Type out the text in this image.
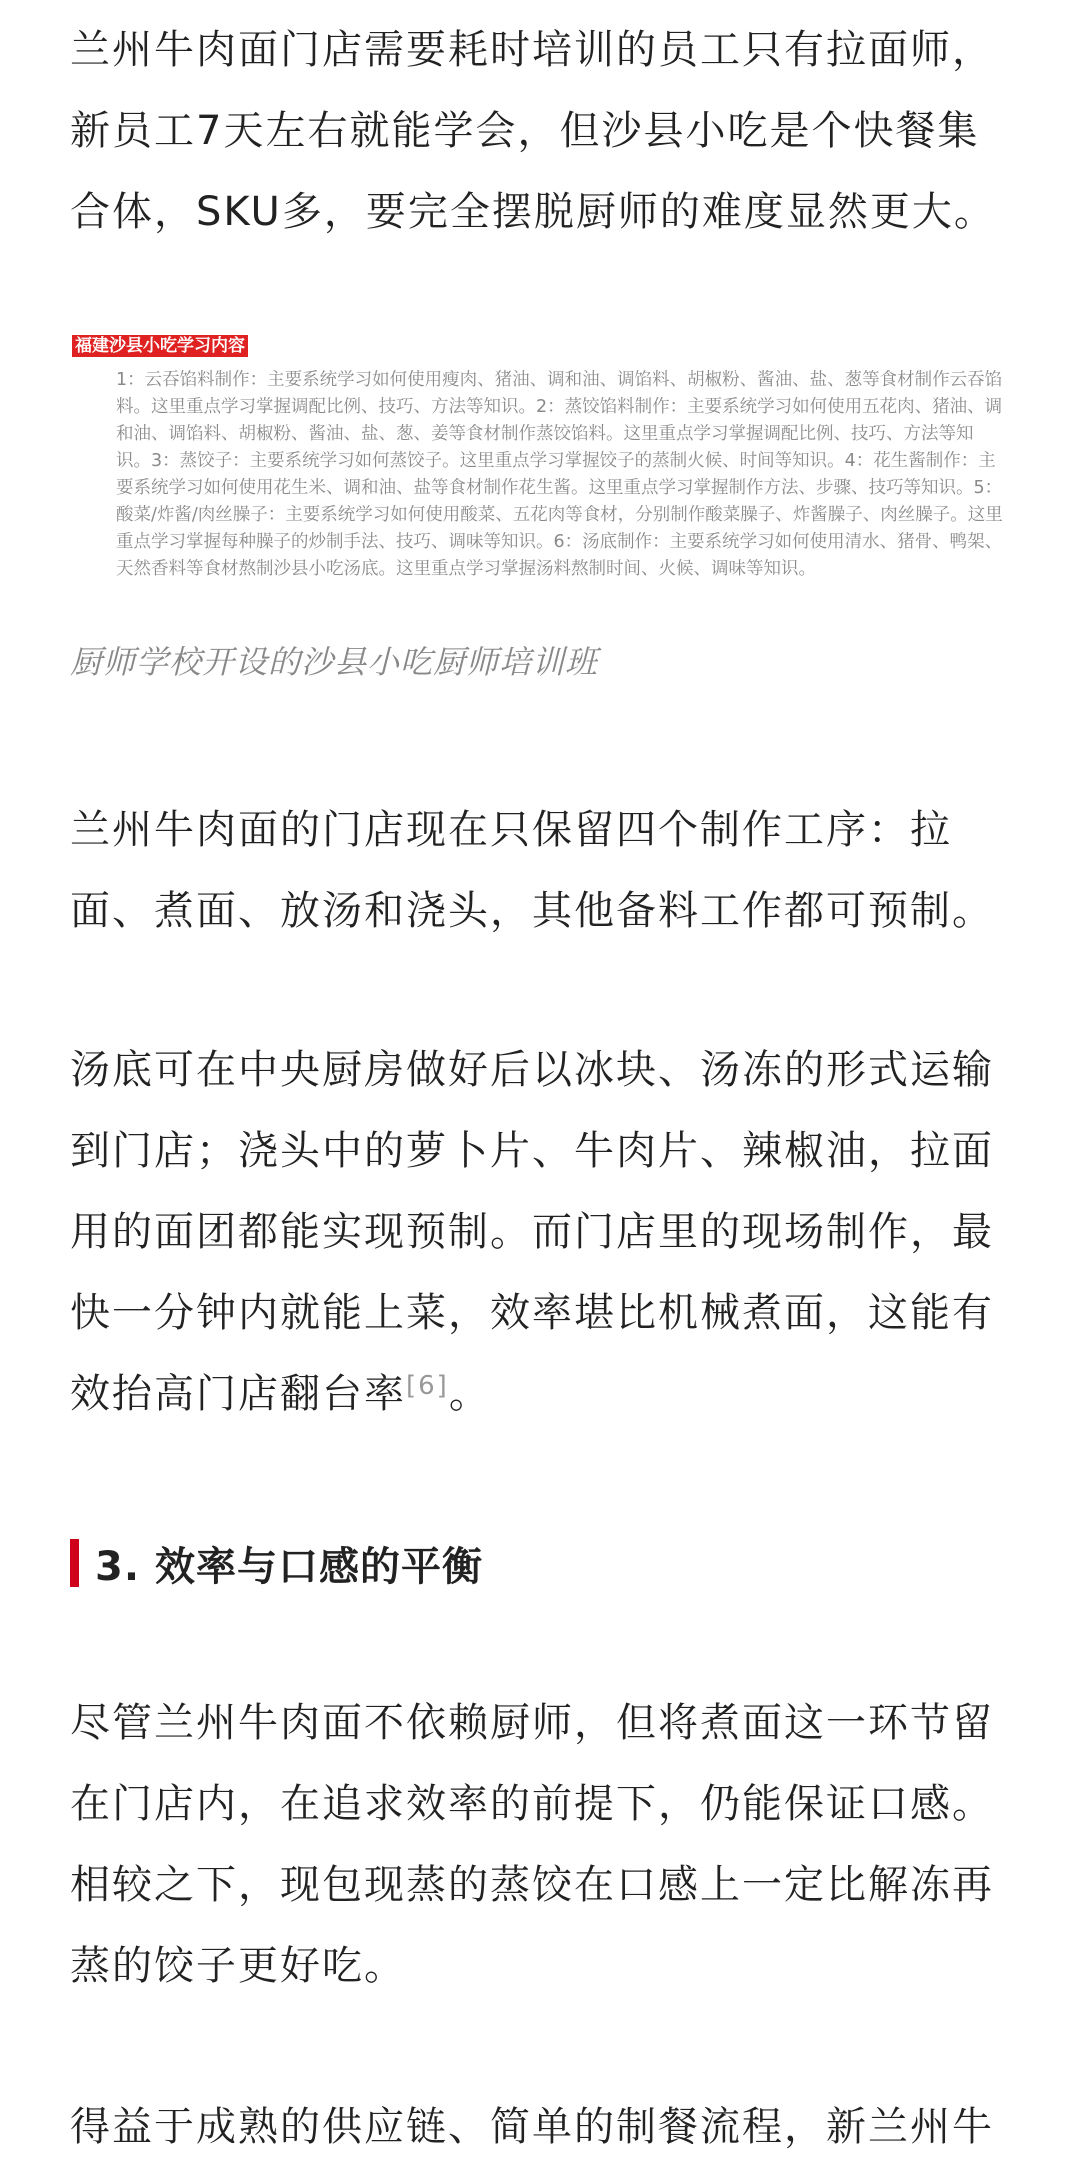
兰州牛肉面门店需要耗时培训的员工只有拉面师，新员工7天左右就能学会，但沙县小吃是个快餐集合体，SKU多，要完全摆脱厨师的难度显然更大。

福建沙县小吃学习内容
1：云吞馅料制作：主要系统学习如何使用瘦肉、猪油、调和油、调馅料、胡椒粉、酱油、盐、葱等食材制作云吞馅料。这里重点学习掌握调配比例、技巧、方法等知识。2：蒸饺馅料制作：主要系统学习如何使用五花肉、猪油、调和油、调馅料、胡椒粉、酱油、盐、葱、姜等食材制作蒸饺馅料。这里重点学习掌握调配比例、技巧、方法等知识。3：蒸饺子：主要系统学习如何蒸饺子。这里重点学习掌握饺子的蒸制火候、时间等知识。4：花生酱制作：主要系统学习如何使用花生米、调和油、盐等食材制作花生酱。这里重点学习掌握制作方法、步骤、技巧等知识。5：酸菜/炸酱/肉丝臊子：主要系统学习如何使用酸菜、五花肉等食材，分别制作酸菜臊子、炸酱臊子、肉丝臊子。这里重点学习掌握每种臊子的炒制手法、技巧、调味等知识。6：汤底制作：主要系统学习如何使用清水、猪骨、鸭架、天然香料等食材熬制沙县小吃汤底。这里重点学习掌握汤料熬制时间、火候、调味等知识。
厨师学校开设的沙县小吃厨师培训班

兰州牛肉面的门店现在只保留四个制作工序：拉面、煮面、放汤和浇头，其他备料工作都可预制。

汤底可在中央厨房做好后以冰块、汤冻的形式运输到门店；浇头中的萝卜片、牛肉片、辣椒油，拉面用的面团都能实现预制。而门店里的现场制作，最快一分钟内就能上菜，效率堪比机械煮面，这能有效抬高门店翻台率[6]。

3. 效率与口感的平衡

尽管兰州牛肉面不依赖厨师，但将煮面这一环节留在门店内，在追求效率的前提下，仍能保证口感。相较之下，现包现蒸的蒸饺在口感上一定比解冻再蒸的饺子更好吃。

得益于成熟的供应链、简单的制餐流程，新兰州牛
